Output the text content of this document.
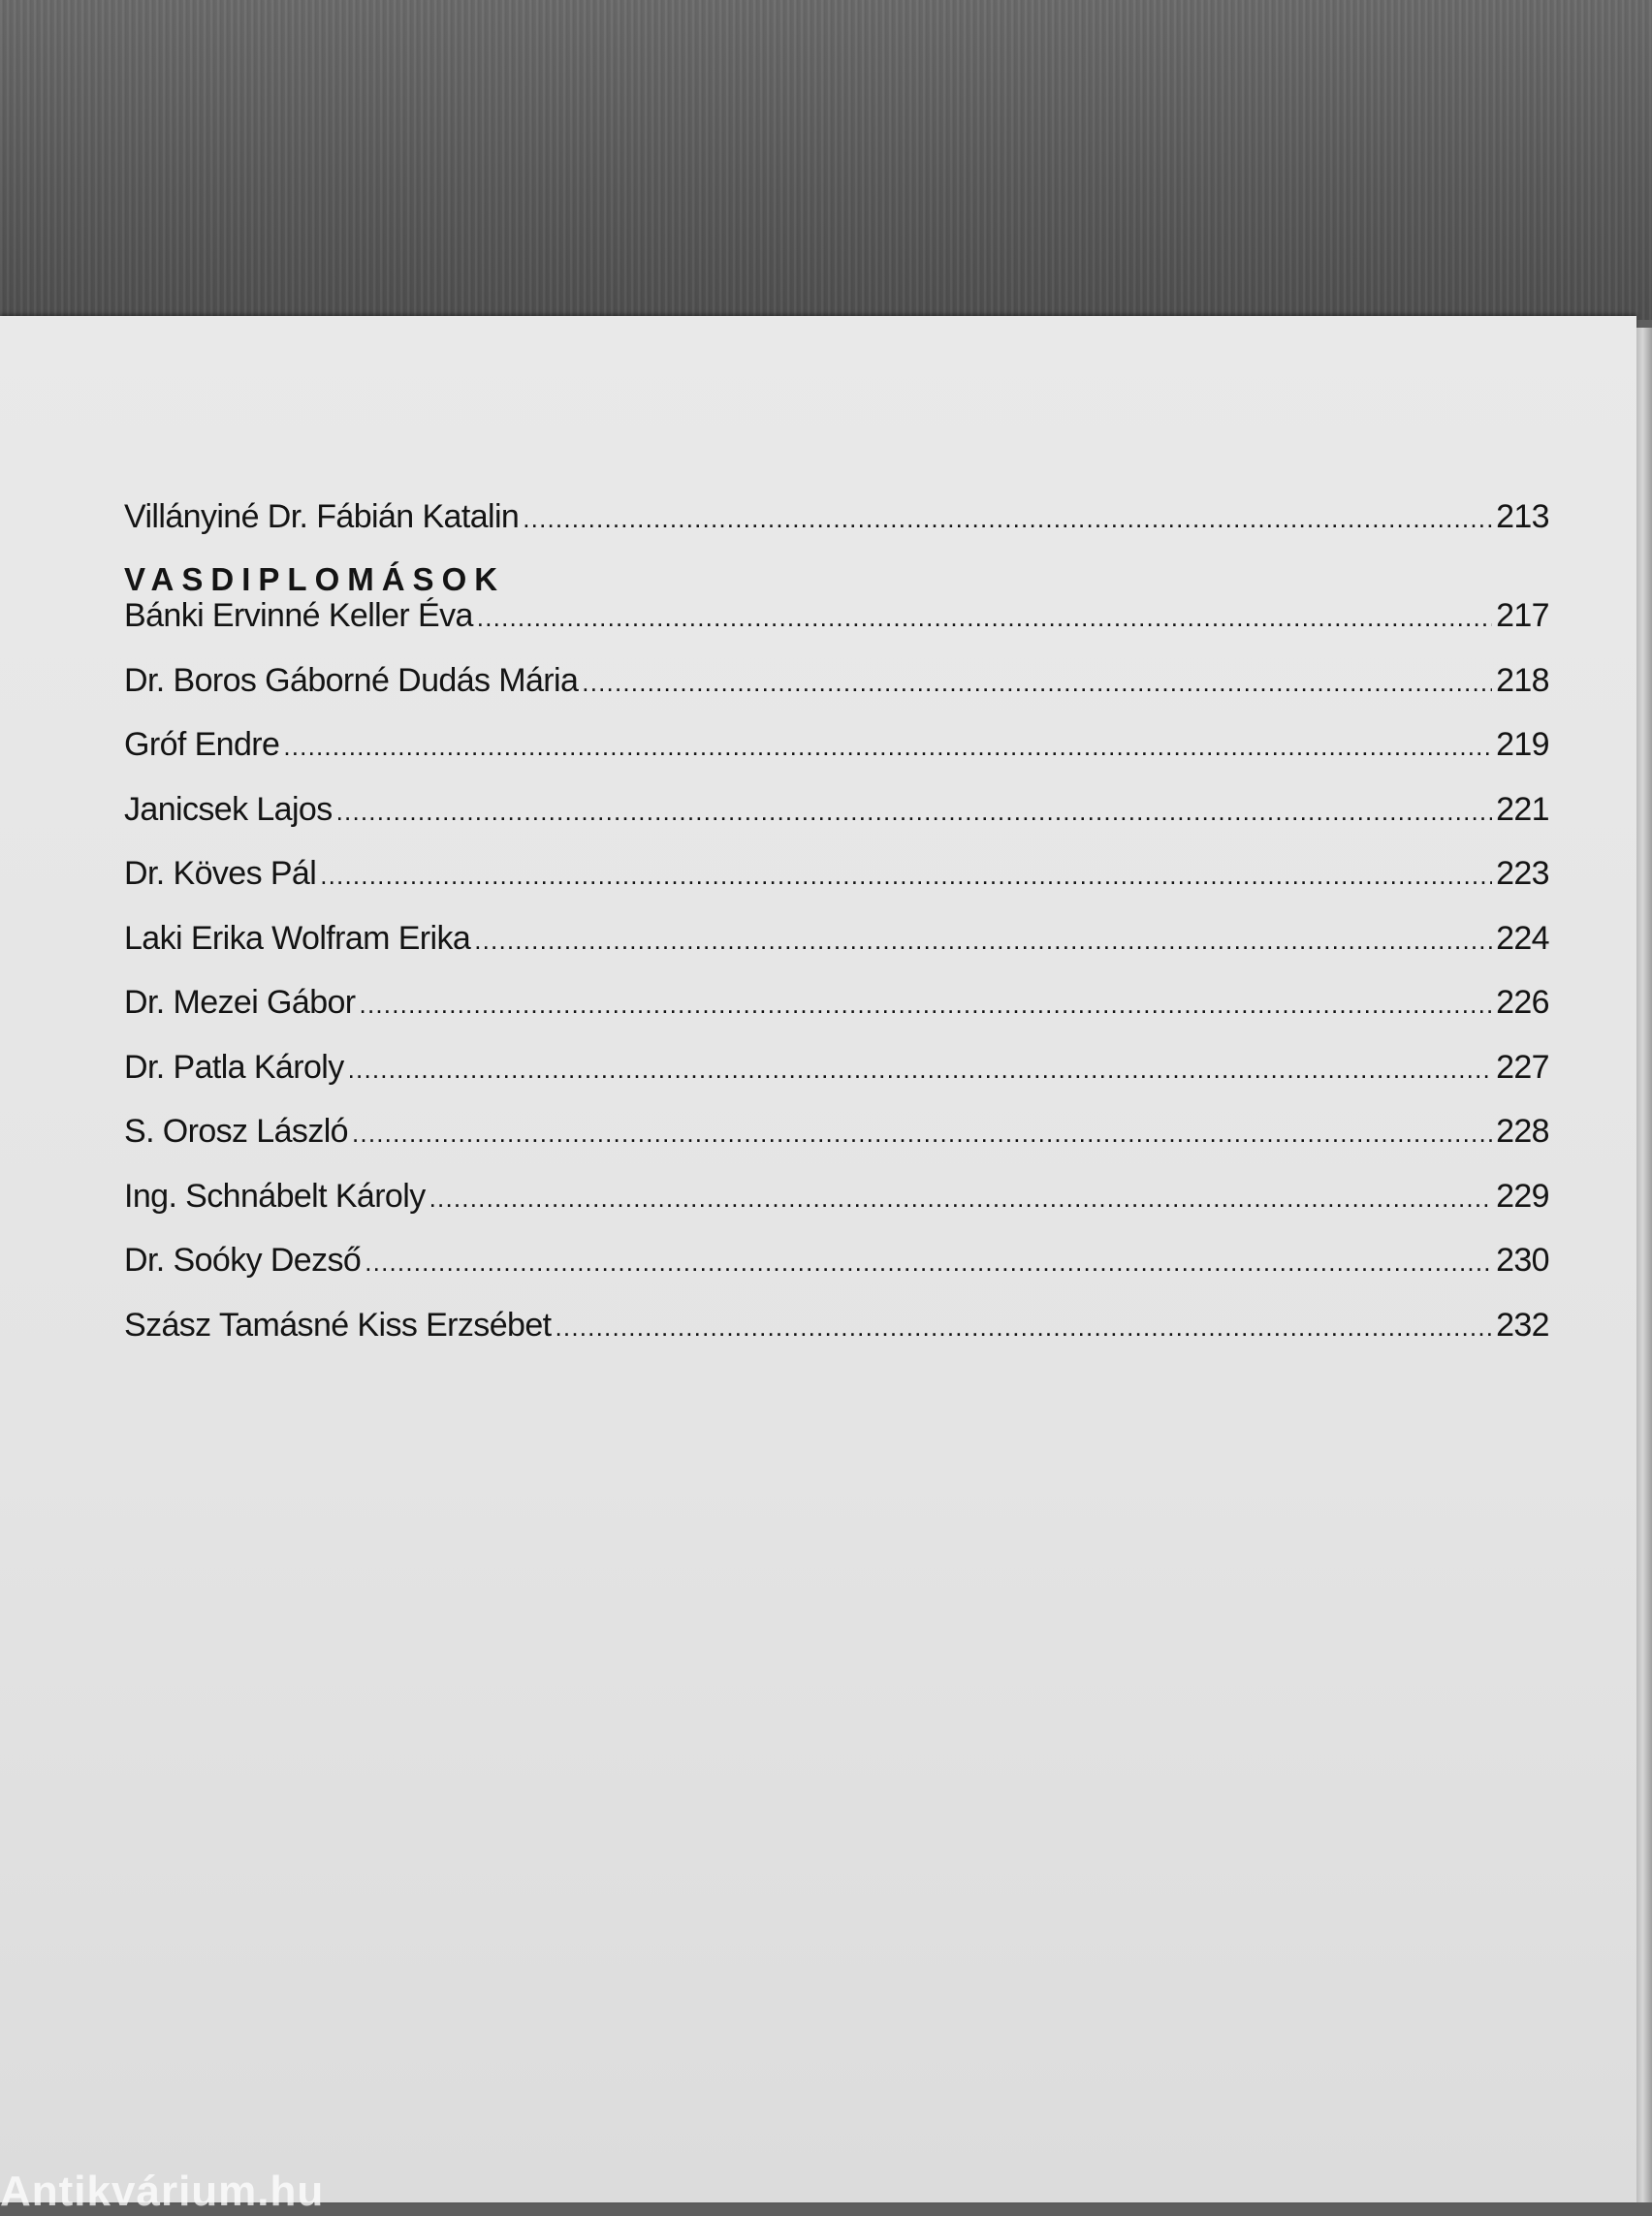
Villányiné Dr. Fábián Katalin .....	213
VASDIPLOMÁSOK
Bánki Ervinné Keller Éva .....	217
Dr. Boros Gáborné Dudás Mária .....	218
Gróf Endre .....	219
Janicsek Lajos .....	221
Dr. Köves Pál .....	223
Laki Erika Wolfram Erika .....	224
Dr. Mezei Gábor .....	226
Dr. Patla Károly .....	227
S. Orosz László .....	228
Ing. Schnábelt Károly .....	229
Dr. Soóky Dezső .....	230
Szász Tamásné Kiss Erzsébet .....	232
Antikvárium.hu
